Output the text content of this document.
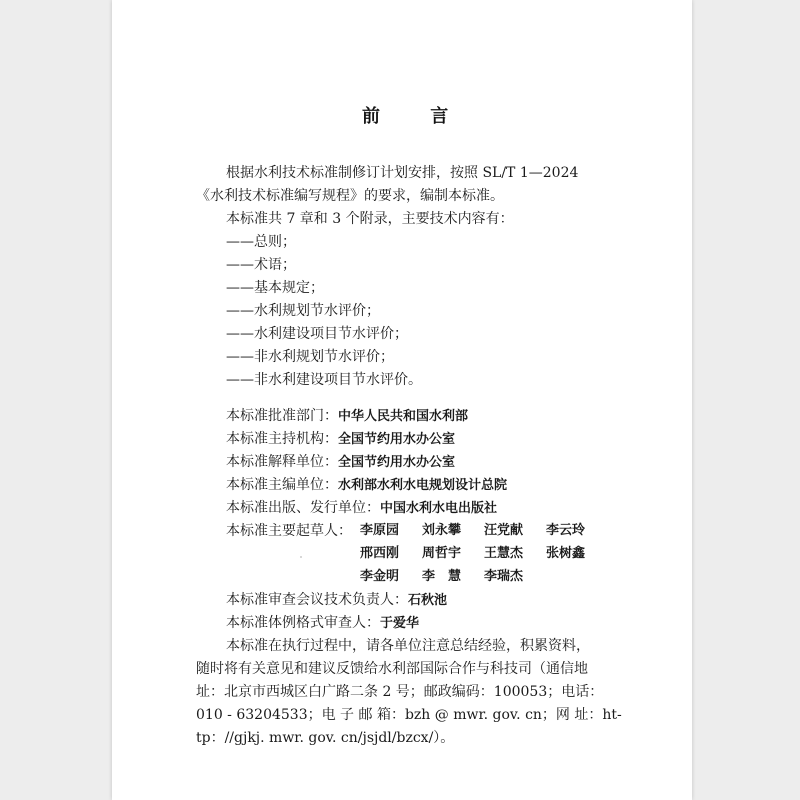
前 言
根据水利技术标准制修订计划安排，按照 SL/T 1—2024
《水利技术标准编写规程》的要求，编制本标准。
本标准共 7 章和 3 个附录，主要技术内容有：
——总则；
——术语；
——基本规定；
——水利规划节水评价；
——水利建设项目节水评价；
——非水利规划节水评价；
——非水利建设项目节水评价。
本标准批准部门：中华人民共和国水利部
本标准主持机构：全国节约用水办公室
本标准解释单位：全国节约用水办公室
本标准主编单位：水利部水利水电规划设计总院
本标准出版、发行单位：中国水利水电出版社
本标准主要起草人： 李原园 刘永攀 汪党献 李云玲
邢西刚 周哲宇 王慧杰 张树鑫
李金明 李　慧 李瑞杰
本标准审查会议技术负责人：石秋池
本标准体例格式审查人：于爱华
本标准在执行过程中，请各单位注意总结经验，积累资料，
随时将有关意见和建议反馈给水利部国际合作与科技司（通信地
址：北京市西城区白广路二条 2 号；邮政编码：100053；电话：
010 - 63204533；电 子 邮 箱：bzh @ mwr. gov. cn；网 址：ht-
tp：//gjkj. mwr. gov. cn/jsjdl/bzcx/）。
